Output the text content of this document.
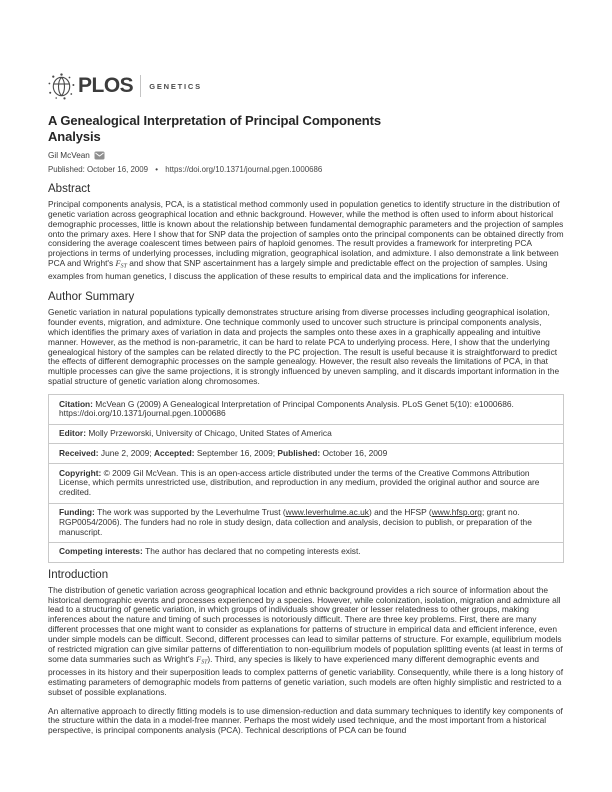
PLOS GENETICS
A Genealogical Interpretation of Principal Components Analysis
Gil McVean
Published: October 16, 2009 • https://doi.org/10.1371/journal.pgen.1000686
Abstract

Principal components analysis, PCA, is a statistical method commonly used in population genetics to identify structure in the distribution of genetic variation across geographical location and ethnic background. However, while the method is often used to inform about historical demographic processes, little is known about the relationship between fundamental demographic parameters and the projection of samples onto the primary axes. Here I show that for SNP data the projection of samples onto the principal components can be obtained directly from considering the average coalescent times between pairs of haploid genomes. The result provides a framework for interpreting PCA projections in terms of underlying processes, including migration, geographical isolation, and admixture. I also demonstrate a link between PCA and Wright's FST and show that SNP ascertainment has a largely simple and predictable effect on the projection of samples. Using examples from human genetics, I discuss the application of these results to empirical data and the implications for inference.

Author Summary

Genetic variation in natural populations typically demonstrates structure arising from diverse processes including geographical isolation, founder events, migration, and admixture. One technique commonly used to uncover such structure is principal components analysis, which identifies the primary axes of variation in data and projects the samples onto these axes in a graphically appealing and intuitive manner. However, as the method is non-parametric, it can be hard to relate PCA to underlying process. Here, I show that the underlying genealogical history of the samples can be related directly to the PC projection. The result is useful because it is straightforward to predict the effects of different demographic processes on the sample genealogy. However, the result also reveals the limitations of PCA, in that multiple processes can give the same projections, it is strongly influenced by uneven sampling, and it discards important information in the spatial structure of genetic variation along chromosomes.

Citation: McVean G (2009) A Genealogical Interpretation of Principal Components Analysis. PLoS Genet 5(10): e1000686. https://doi.org/10.1371/journal.pgen.1000686
Editor: Molly Przeworski, University of Chicago, United States of America
Received: June 2, 2009; Accepted: September 16, 2009; Published: October 16, 2009
Copyright: © 2009 Gil McVean. This is an open-access article distributed under the terms of the Creative Commons Attribution License, which permits unrestricted use, distribution, and reproduction in any medium, provided the original author and source are credited.
Funding: The work was supported by the Leverhulme Trust (www.leverhulme.ac.uk) and the HFSP (www.hfsp.org; grant no. RGP0054/2006). The funders had no role in study design, data collection and analysis, decision to publish, or preparation of the manuscript.
Competing interests: The author has declared that no competing interests exist.
Introduction

The distribution of genetic variation across geographical location and ethnic background provides a rich source of information about the historical demographic events and processes experienced by a species. However, while colonization, isolation, migration and admixture all lead to a structuring of genetic variation, in which groups of individuals show greater or lesser relatedness to other groups, making inferences about the nature and timing of such processes is notoriously difficult. There are three key problems. First, there are many different processes that one might want to consider as explanations for patterns of structure in empirical data and efficient inference, even under simple models can be difficult. Second, different processes can lead to similar patterns of structure. For example, equilibrium models of restricted migration can give similar patterns of differentiation to non-equilibrium models of population splitting events (at least in terms of some data summaries such as Wright's FST). Third, any species is likely to have experienced many different demographic events and processes in its history and their superposition leads to complex patterns of genetic variability. Consequently, while there is a long history of estimating parameters of demographic models from patterns of genetic variation, such models are often highly simplistic and restricted to a subset of possible explanations.

An alternative approach to directly fitting models is to use dimension-reduction and data summary techniques to identify key components of the structure within the data in a model-free manner. Perhaps the most widely used technique, and the most important from a historical perspective, is principal components analysis (PCA). Technical descriptions of PCA can be found
